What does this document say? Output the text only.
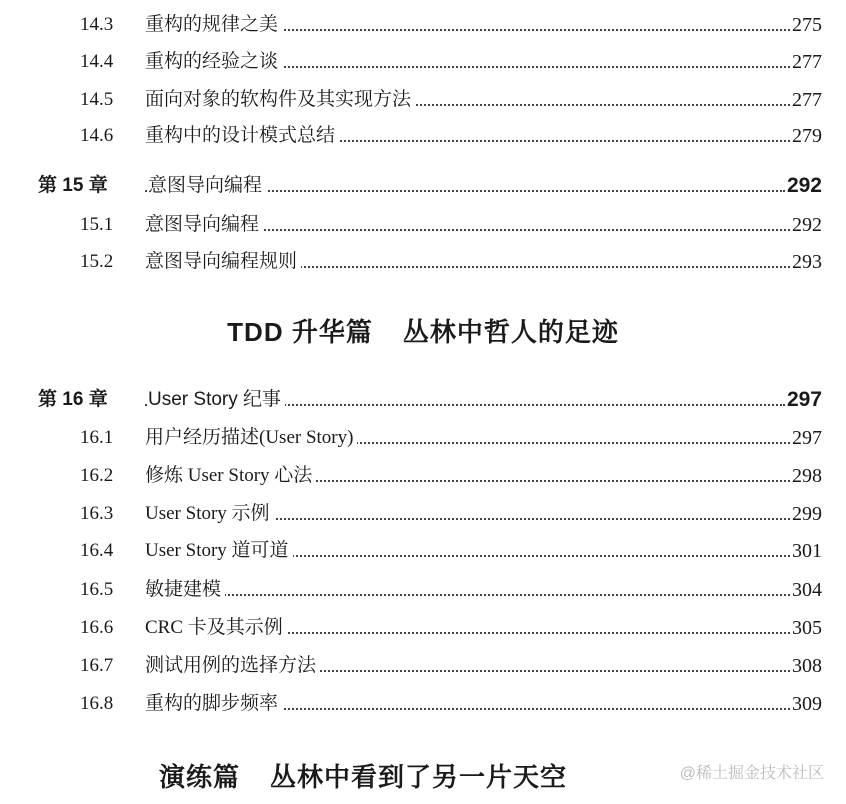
14.3 重构的规律之美	275
14.4 重构的经验之谈	277
14.5 面向对象的软构件及其实现方法	277
14.6 重构中的设计模式总结	279
第 15 章 意图导向编程	292
15.1 意图导向编程	292
15.2 意图导向编程规则	293
第 16 章 User Story 纪事	297
16.1 用户经历描述(User Story)	297
16.2 修炼 User Story 心法	298
16.3 User Story 示例	299
16.4 User Story 道可道	301
16.5 敏捷建模	304
16.6 CRC 卡及其示例	305
16.7 测试用例的选择方法	308
16.8 重构的脚步频率	309
TDD 升华篇 丛林中哲人的足迹
演练篇 丛林中看到了另一片天空	@稀土掘金技术社区
